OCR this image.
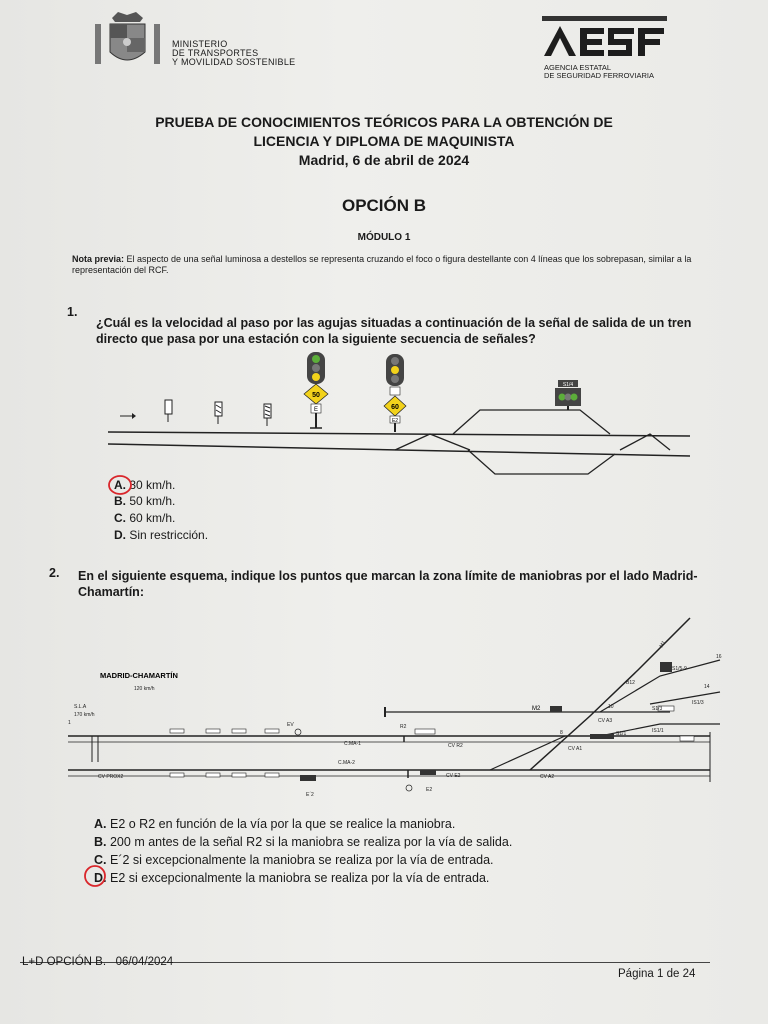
MINISTERIO
DE TRANSPORTES
Y MOVILIDAD SOSTENIBLE
AGENCIA ESTATAL
DE SEGURIDAD FERROVIARIA
PRUEBA DE CONOCIMIENTOS TEÓRICOS PARA LA OBTENCIÓN DE
LICENCIA Y DIPLOMA DE MAQUINISTA
Madrid, 6 de abril de 2024
OPCIÓN B
MÓDULO 1
Nota previa: El aspecto de una señal luminosa a destellos se representa cruzando el foco o figura destellante con 4 líneas que los sobrepasan, similar a la representación del RCF.
1.
¿Cuál es la velocidad al paso por las agujas situadas a continuación de la señal de salida de un tren directo que pasa por una estación con la siguiente secuencia de señales?
50
E	60
E2
S1/4
A. 30 km/h.
B. 50 km/h.
C. 60 km/h.
D. Sin restricción.
2. En el siguiente esquema, indique los puntos que marcan la zona límite de maniobras por el lado Madrid-Chamartín:
MADRID-CHAMARTÍN
120 km/h
S.L.A
170 km/h
C.MA-1
C.MA-2
CV R2
CV E2
CV A1
CV A2
CV A3
CV PROX2
R2
E2
E´2
EV
M2
M1
S1/5-9
B12
16
14
10
8
S1/3
S1/1
IS1/3
IS1/1
1
A. E2 o R2 en función de la vía por la que se realice la maniobra.
B. 200 m antes de la señal R2 si la maniobra se realiza por la vía de salida.
C. E´2 si excepcionalmente la maniobra se realiza por la vía de entrada.
D. E2 si excepcionalmente la maniobra se realiza por la vía de entrada.
L+D OPCIÓN B.   06/04/2024
Página 1 de 24
